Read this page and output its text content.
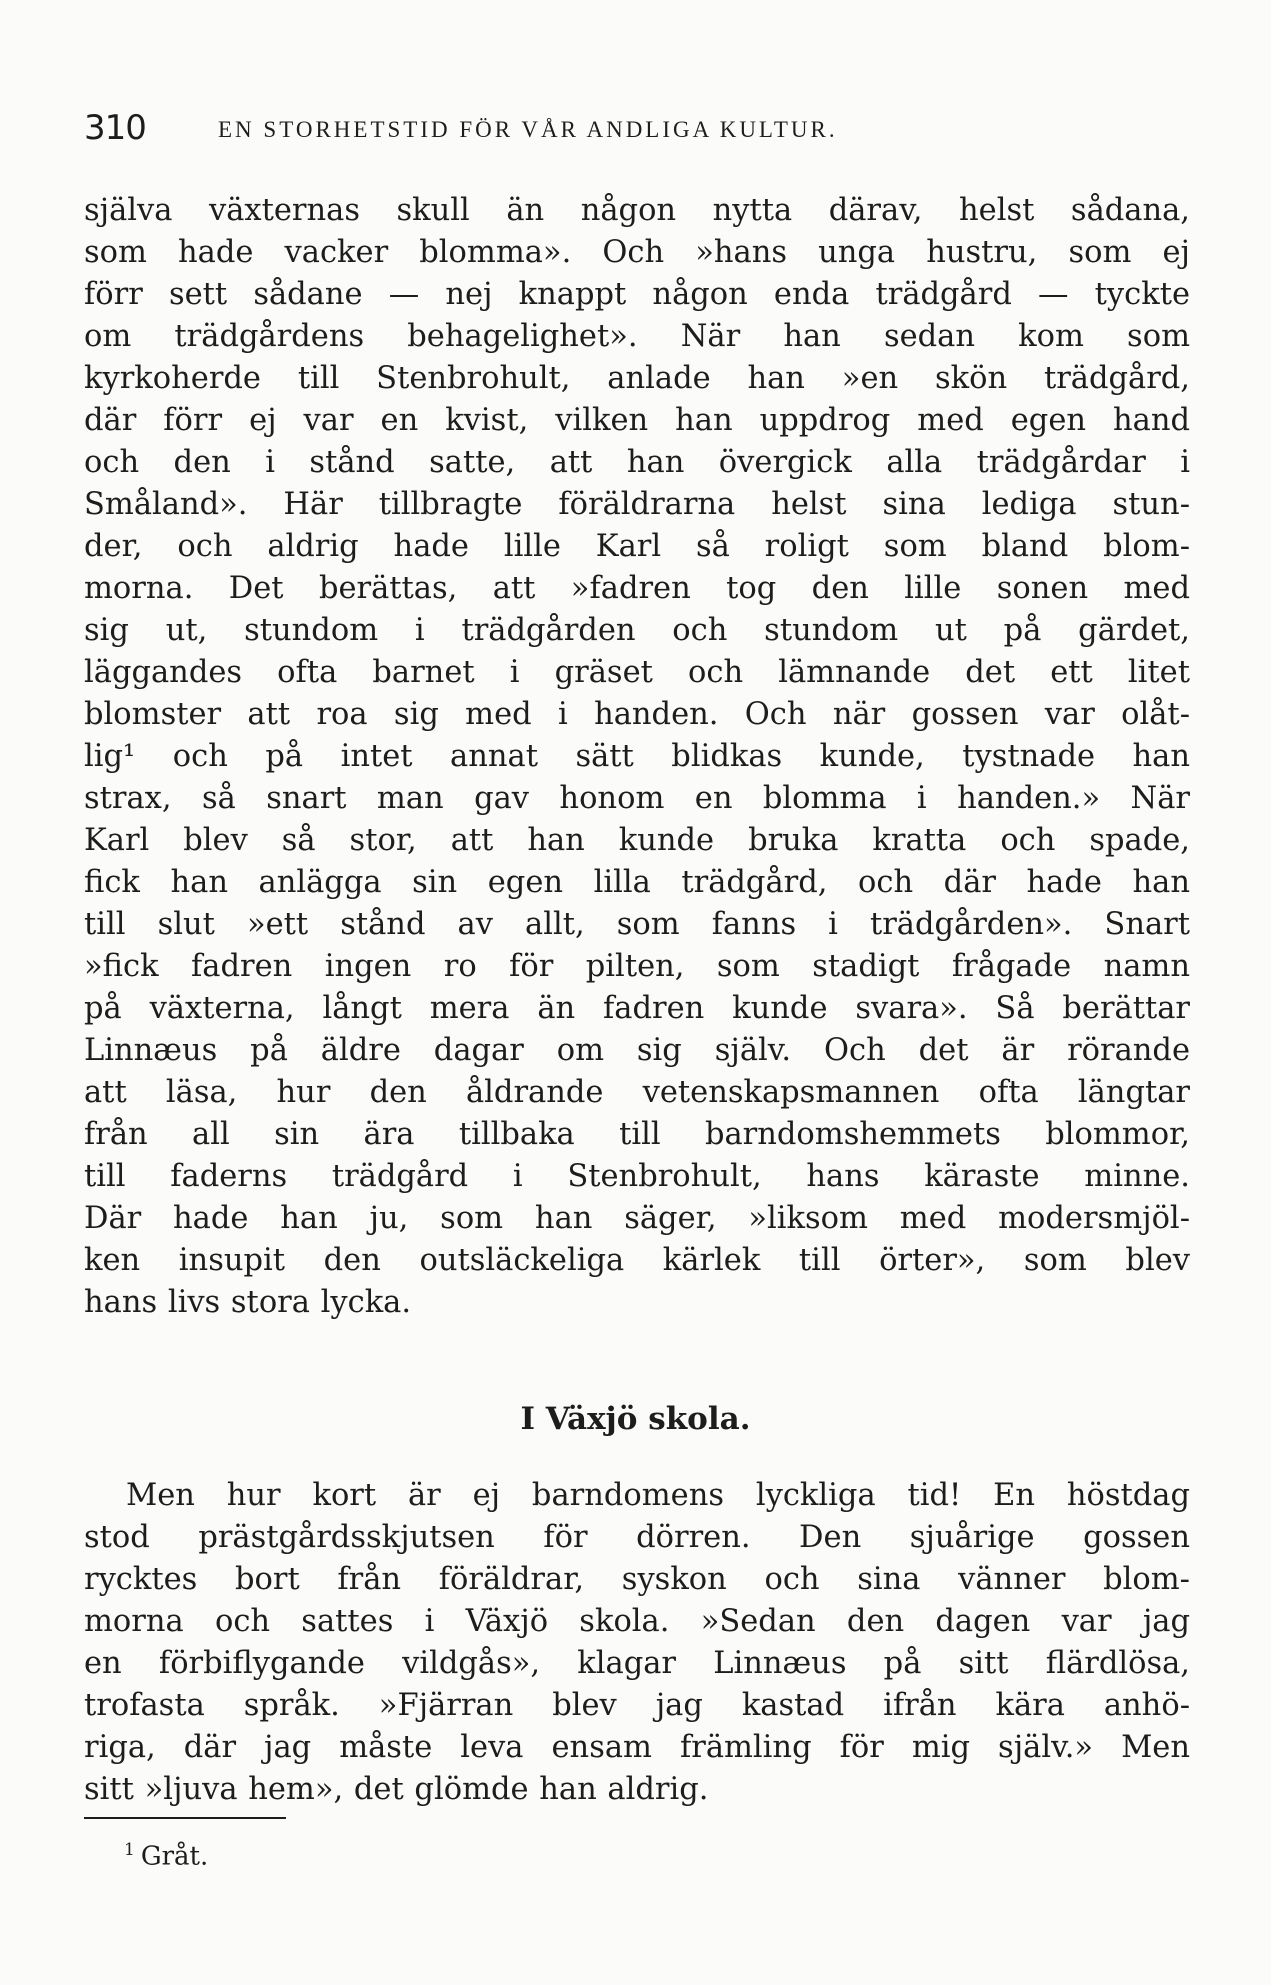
310	EN STORHETSTID FÖR VÅR ANDLIGA KULTUR.
själva växternas skull än någon nytta därav, helst sådana,
som hade vacker blomma». Och »hans unga hustru, som ej
förr sett sådane — nej knappt någon enda trädgård — tyckte
om trädgårdens behagelighet». När han sedan kom som
kyrkoherde till Stenbrohult, anlade han »en skön trädgård,
där förr ej var en kvist, vilken han uppdrog med egen hand
och den i stånd satte, att han övergick alla trädgårdar i
Småland». Här tillbragte föräldrarna helst sina lediga stun-
der, och aldrig hade lille Karl så roligt som bland blom-
morna. Det berättas, att »fadren tog den lille sonen med
sig ut, stundom i trädgården och stundom ut på gärdet,
läggandes ofta barnet i gräset och lämnande det ett litet
blomster att roa sig med i handen. Och när gossen var olåt-
lig¹ och på intet annat sätt blidkas kunde, tystnade han
strax, så snart man gav honom en blomma i handen.» När
Karl blev så stor, att han kunde bruka kratta och spade,
fick han anlägga sin egen lilla trädgård, och där hade han
till slut »ett stånd av allt, som fanns i trädgården». Snart
»fick fadren ingen ro för pilten, som stadigt frågade namn
på växterna, långt mera än fadren kunde svara». Så berättar
Linnæus på äldre dagar om sig själv. Och det är rörande
att läsa, hur den åldrande vetenskapsmannen ofta längtar
från all sin ära tillbaka till barndomshemmets blommor,
till faderns trädgård i Stenbrohult, hans käraste minne.
Där hade han ju, som han säger, »liksom med modersmjöl-
ken insupit den outsläckeliga kärlek till örter», som blev
hans livs stora lycka.
I Växjö skola.
Men hur kort är ej barndomens lyckliga tid! En höstdag
stod prästgårdsskjutsen för dörren. Den sjuårige gossen
rycktes bort från föräldrar, syskon och sina vänner blom-
morna och sattes i Växjö skola. »Sedan den dagen var jag
en förbiflygande vildgås», klagar Linnæus på sitt flärdlösa,
trofasta språk. »Fjärran blev jag kastad ifrån kära anhö-
riga, där jag måste leva ensam främling för mig själv.» Men
sitt »ljuva hem», det glömde han aldrig.
$^1$ Gråt.
